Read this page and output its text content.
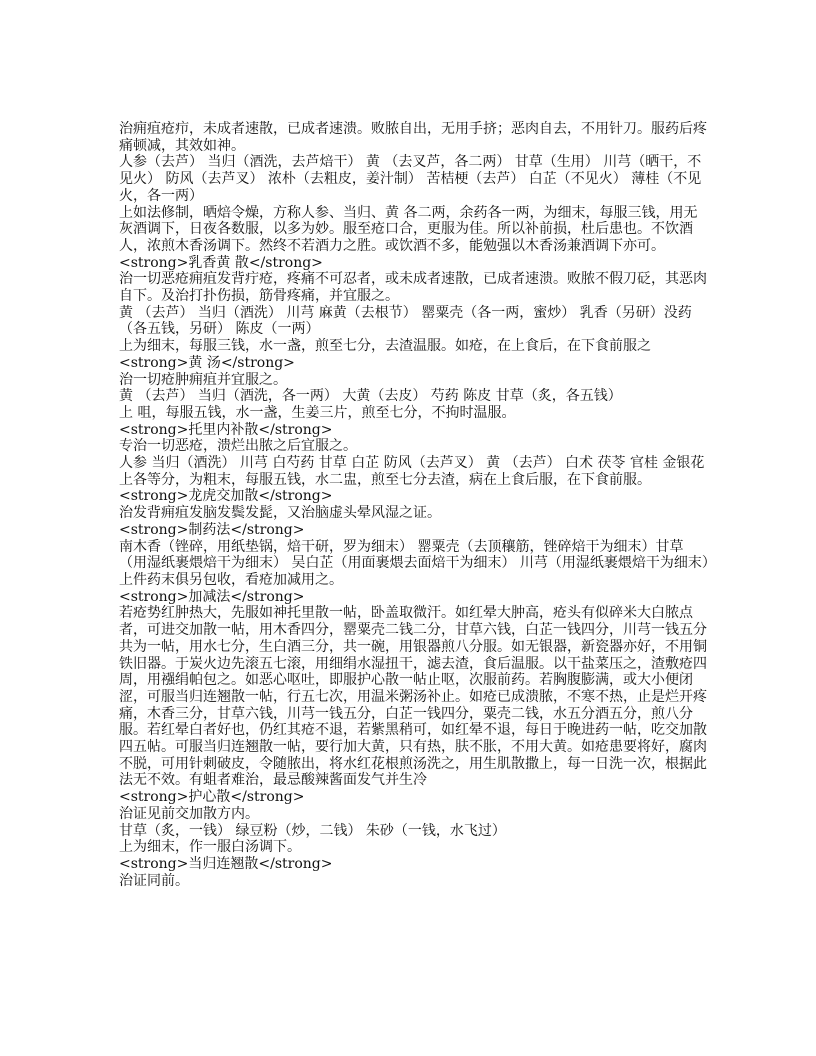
治痈疽疮疖，未成者速散，已成者速溃。败脓自出，无用手挤；恶肉自去，不用针刀。服药后疼痛顿减，其效如神。

人参（去芦） 当归（酒洗，去芦焙干） 黄 （去叉芦，各二两） 甘草（生用） 川芎（晒干，不见火） 防风（去芦叉） 浓朴（去粗皮，姜汁制） 苦桔梗（去芦） 白芷（不见火） 薄桂（不见火，各一两）

上如法修制，晒焙令燥，方称人参、当归、黄 各二两，余药各一两，为细末，每服三钱，用无灰酒调下，日夜各数服，以多为妙。服至疮口合，更服为佳。所以补前损，杜后患也。不饮酒人，浓煎木香汤调下。然终不若酒力之胜。或饮酒不多，能勉强以木香汤兼酒调下亦可。

<strong>乳香黄 散</strong>

治一切恶疮痈疽发背疔疮，疼痛不可忍者，或未成者速散，已成者速溃。败脓不假刀砭，其恶肉自下。及治打扑伤损，筋骨疼痛，并宜服之。

黄 （去芦） 当归（酒洗） 川芎 麻黄（去根节） 罂粟壳（各一两，蜜炒） 乳香（另研）没药（各五钱，另研） 陈皮（一两）

上为细末，每服三钱，水一盏，煎至七分，去渣温服。如疮，在上食后，在下食前服之

<strong>黄 汤</strong>

治一切疮肿痈疽并宜服之。

黄 （去芦） 当归（酒洗，各一两） 大黄（去皮） 芍药 陈皮 甘草（炙，各五钱）

上 咀，每服五钱，水一盏，生姜三片，煎至七分，不拘时温服。

<strong>托里内补散</strong>

专治一切恶疮，溃烂出脓之后宜服之。

人参 当归（酒洗） 川芎 白芍药 甘草 白芷 防风（去芦叉） 黄 （去芦） 白术 茯苓 官桂 金银花

上各等分，为粗末，每服五钱，水二盅，煎至七分去渣，病在上食后服，在下食前服。

<strong>龙虎交加散</strong>

治发背痈疽发脑发鬓发髭，又治脑虚头晕风湿之证。

<strong>制药法</strong>

南木香（锉碎，用纸垫锅，焙干研，罗为细末） 罂粟壳（去顶穰筋，锉碎焙干为细末）甘草（用湿纸裹煨焙干为细末） 吴白芷（用面裹煨去面焙干为细末） 川芎（用湿纸裹煨焙干为细末）

上件药末俱另包收，看疮加减用之。

<strong>加减法</strong>

若疮势红肿热大，先服如神托里散一帖，卧盖取微汗。如红晕大肿高，疮头有似碎米大白脓点者，可进交加散一帖，用木香四分，罂粟壳二钱二分，甘草六钱，白芷一钱四分，川芎一钱五分共为一帖，用水七分，生白酒三分，共一碗，用银器煎八分服。如无银器，新瓷器亦好，不用铜铁旧器。于炭火边先滚五七滚，用细绢水湿扭干，滤去渣，食后温服。以干盐菜压之，渣敷疮四周，用襁绢帕包之。如恶心呕吐，即服护心散一帖止呕，次服前药。若胸腹膨满，或大小便闭涩，可服当归连翘散一帖，行五七次，用温米粥汤补止。如疮已成溃脓，不寒不热，止是烂开疼痛，木香三分，甘草六钱，川芎一钱五分，白芷一钱四分，粟壳二钱，水五分酒五分，煎八分服。若红晕白者好也，仍红其疮不退，若紫黑稍可，如红晕不退，每日于晚进药一帖，吃交加散四五帖。可服当归连翘散一帖，要行加大黄，只有热，肤不胀，不用大黄。如疮患要将好，腐肉不脱，可用针刺破皮，令随脓出，将水红花根煎汤洗之，用生肌散撒上，每一日洗一次，根据此法无不效。有蛆者难治，最忌酸辣酱面发气并生冷

<strong>护心散</strong>

治证见前交加散方内。

甘草（炙，一钱） 绿豆粉（炒，二钱） 朱砂（一钱，水飞过）

上为细末，作一服白汤调下。

<strong>当归连翘散</strong>

治证同前。
